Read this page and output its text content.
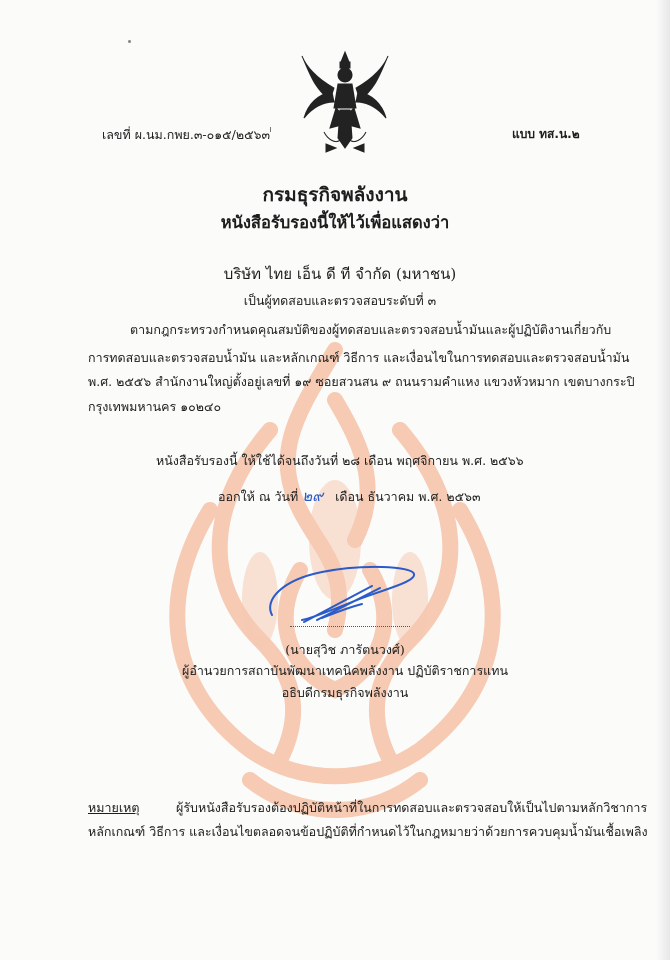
เลขที่ ผ.นม.กพย.๓-๐๑๕/๒๕๖๓	แบบ ทส.น.๒
กรมธุรกิจพลังงาน
หนังสือรับรองนี้ให้ไว้เพื่อแสดงว่า
บริษัท ไทย เอ็น ดี ที จำกัด (มหาชน)
เป็นผู้ทดสอบและตรวจสอบระดับที่ ๓
ตามกฎกระทรวงกำหนดคุณสมบัติของผู้ทดสอบและตรวจสอบน้ำมันและผู้ปฏิบัติงานเกี่ยวกับ
การทดสอบและตรวจสอบน้ำมัน และหลักเกณฑ์ วิธีการ และเงื่อนไขในการทดสอบและตรวจสอบน้ำมัน
พ.ศ. ๒๕๕๖ สำนักงานใหญ่ตั้งอยู่เลขที่ ๑๙ ซอยสวนสน ๙ ถนนรามคำแหง แขวงหัวหมาก เขตบางกระปิ
กรุงเทพมหานคร ๑๐๒๔๐
หนังสือรับรองนี้ ให้ใช้ได้จนถึงวันที่ ๒๘ เดือน พฤศจิกายน พ.ศ. ๒๕๖๖
ออกให้ ณ วันที่ ๒๙ เดือน ธันวาคม พ.ศ. ๒๕๖๓
(นายสุวิช ภารัตนวงศ์)
ผู้อำนวยการสถาบันพัฒนาเทคนิคพลังงาน ปฏิบัติราชการแทน
อธิบดีกรมธุรกิจพลังงาน
หมายเหตุ	ผู้รับหนังสือรับรองต้องปฏิบัติหน้าที่ในการทดสอบและตรวจสอบให้เป็นไปตามหลักวิชาการ
หลักเกณฑ์ วิธีการ และเงื่อนไขตลอดจนข้อปฏิบัติที่กำหนดไว้ในกฎหมายว่าด้วยการควบคุมน้ำมันเชื้อเพลิง
